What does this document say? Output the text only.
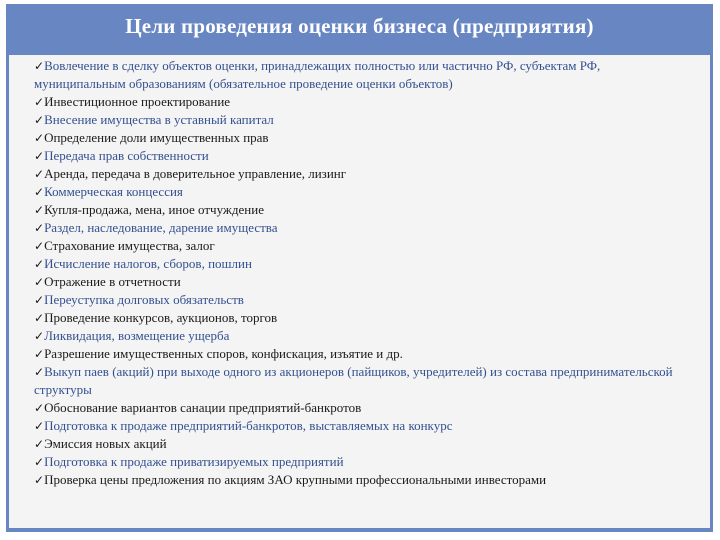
Цели проведения оценки бизнеса (предприятия)
✓Вовлечение в сделку объектов оценки, принадлежащих полностью или частично РФ, субъектам РФ, муниципальным образованиям (обязательное проведение оценки объектов)
✓Инвестиционное проектирование
✓Внесение имущества в уставный капитал
✓Определение доли имущественных прав
✓Передача прав собственности
✓Аренда, передача в доверительное управление, лизинг
✓Коммерческая концессия
✓Купля-продажа, мена, иное отчуждение
✓Раздел, наследование, дарение имущества
✓Страхование имущества, залог
✓Исчисление налогов, сборов, пошлин
✓Отражение в отчетности
✓Переуступка долговых обязательств
✓Проведение конкурсов, аукционов, торгов
✓Ликвидация, возмещение ущерба
✓Разрешение имущественных споров, конфискация, изъятие и др.
✓Выкуп паев (акций) при выходе одного из акционеров (пайщиков, учредителей) из состава предпринимательской структуры
✓Обоснование вариантов санации предприятий-банкротов
✓Подготовка к продаже предприятий-банкротов, выставляемых на конкурс
✓Эмиссия новых акций
✓Подготовка к продаже приватизируемых предприятий
✓Проверка цены предложения по акциям ЗАО крупными профессиональными инвесторами
